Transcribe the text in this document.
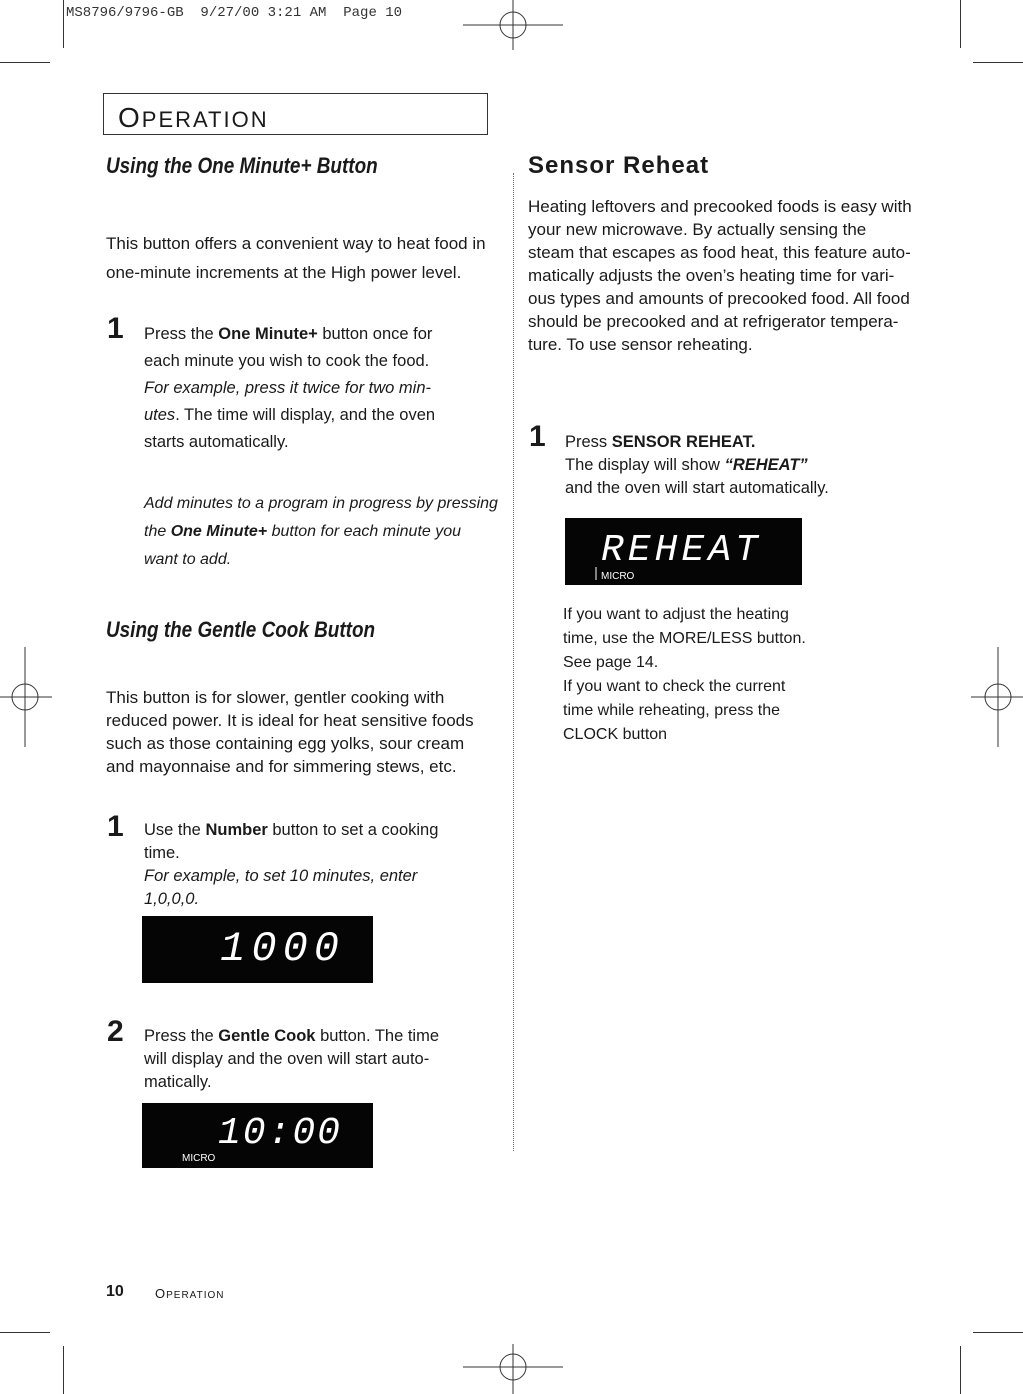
MS8796/9796-GB  9/27/00 3:21 AM  Page 10
OPERATION
Using the One Minute+ Button

This button offers a convenient way to heat food in
one-minute increments at the High power level.

1 Press the One Minute+ button once for
each minute you wish to cook the food.
For example, press it twice for two min-
utes. The time will display, and the oven
starts automatically.

Add minutes to a program in progress by pressing
the One Minute+ button for each minute you
want to add.

Using the Gentle Cook Button

This button is for slower, gentler cooking with
reduced power. It is ideal for heat sensitive foods
such as those containing egg yolks, sour cream
and mayonnaise and for simmering stews, etc.

1 Use the Number button to set a cooking
time.
For example, to set 10 minutes, enter
1,0,0,0.

1000
2 Press the Gentle Cook button. The time
will display and the oven will start auto-
matically.

10:00
MICRO
Sensor Reheat

Heating leftovers and precooked foods is easy with
your new microwave. By actually sensing the
steam that escapes as food heat, this feature auto-
matically adjusts the oven’s heating time for vari-
ous types and amounts of precooked food. All food
should be precooked and at refrigerator tempera-
ture. To use sensor reheating.

1 Press SENSOR REHEAT.
The display will show “REHEAT”
and the oven will start automatically.

REHEAT
MICRO

If you want to adjust the heating
time, use the MORE/LESS button.
See page 14.
If you want to check the current
time while reheating, press the
CLOCK button

10 OPERATION
